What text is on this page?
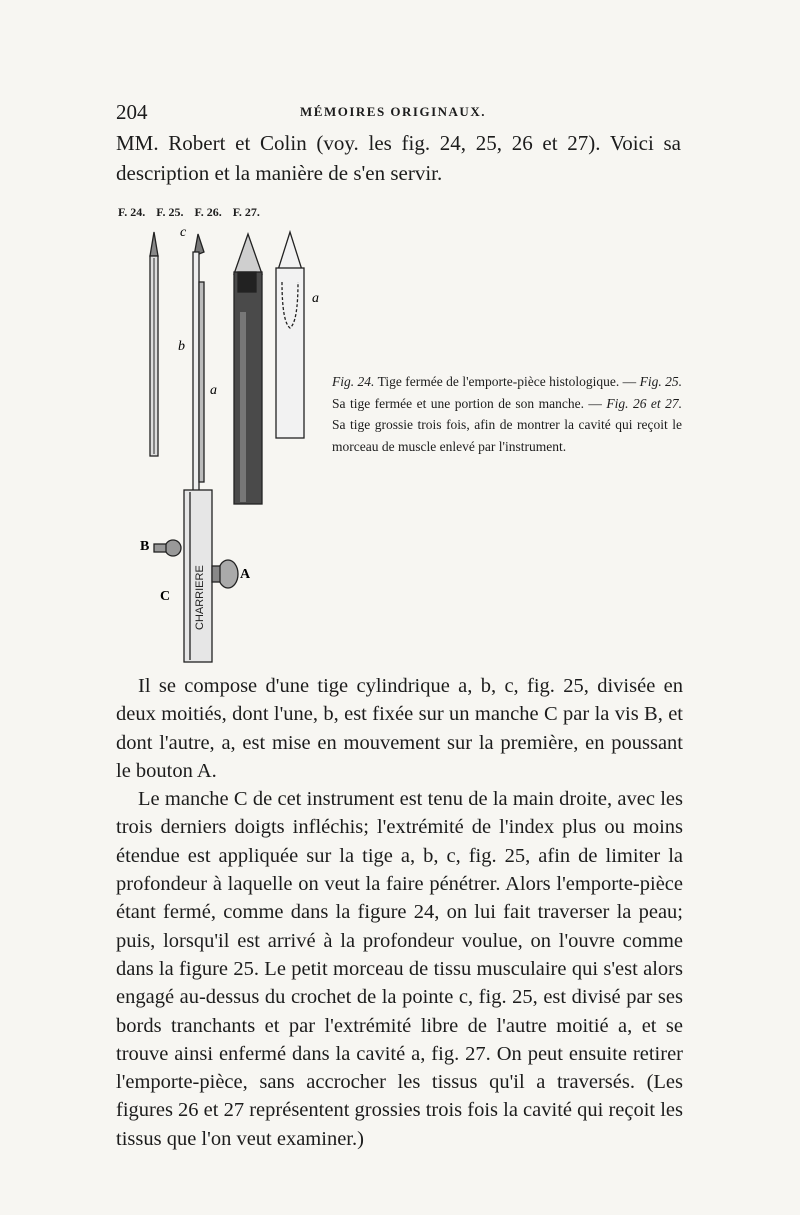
204	MÉMOIRES ORIGINAUX.
MM. Robert et Colin (voy. les fig. 24, 25, 26 et 27). Voici sa description et la manière de s'en servir.
F. 24. F. 25. F. 26. F. 27.
CHARRIERE
c
b
a
a
B
C
A
Fig. 24. Tige fermée de l'emporte-pièce histologique. — Fig. 25. Sa tige fermée et une portion de son manche. — Fig. 26 et 27. Sa tige grossie trois fois, afin de montrer la cavité qui reçoit le morceau de muscle enlevé par l'instrument.

Il se compose d'une tige cylindrique a, b, c, fig. 25, divisée en deux moitiés, dont l'une, b, est fixée sur un manche C par la vis B, et dont l'autre, a, est mise en mouvement sur la première, en poussant le bouton A.

Le manche C de cet instrument est tenu de la main droite, avec les trois derniers doigts infléchis; l'extrémité de l'index plus ou moins étendue est appliquée sur la tige a, b, c, fig. 25, afin de limiter la profondeur à laquelle on veut la faire pénétrer. Alors l'emporte-pièce étant fermé, comme dans la figure 24, on lui fait traverser la peau; puis, lorsqu'il est arrivé à la profondeur voulue, on l'ouvre comme dans la figure 25. Le petit morceau de tissu musculaire qui s'est alors engagé au-dessus du crochet de la pointe c, fig. 25, est divisé par ses bords tranchants et par l'extrémité libre de l'autre moitié a, et se trouve ainsi enfermé dans la cavité a, fig. 27. On peut ensuite retirer l'emporte-pièce, sans accrocher les tissus qu'il a traversés. (Les figures 26 et 27 représentent grossies trois fois la cavité qui reçoit les tissus que l'on veut examiner.)
